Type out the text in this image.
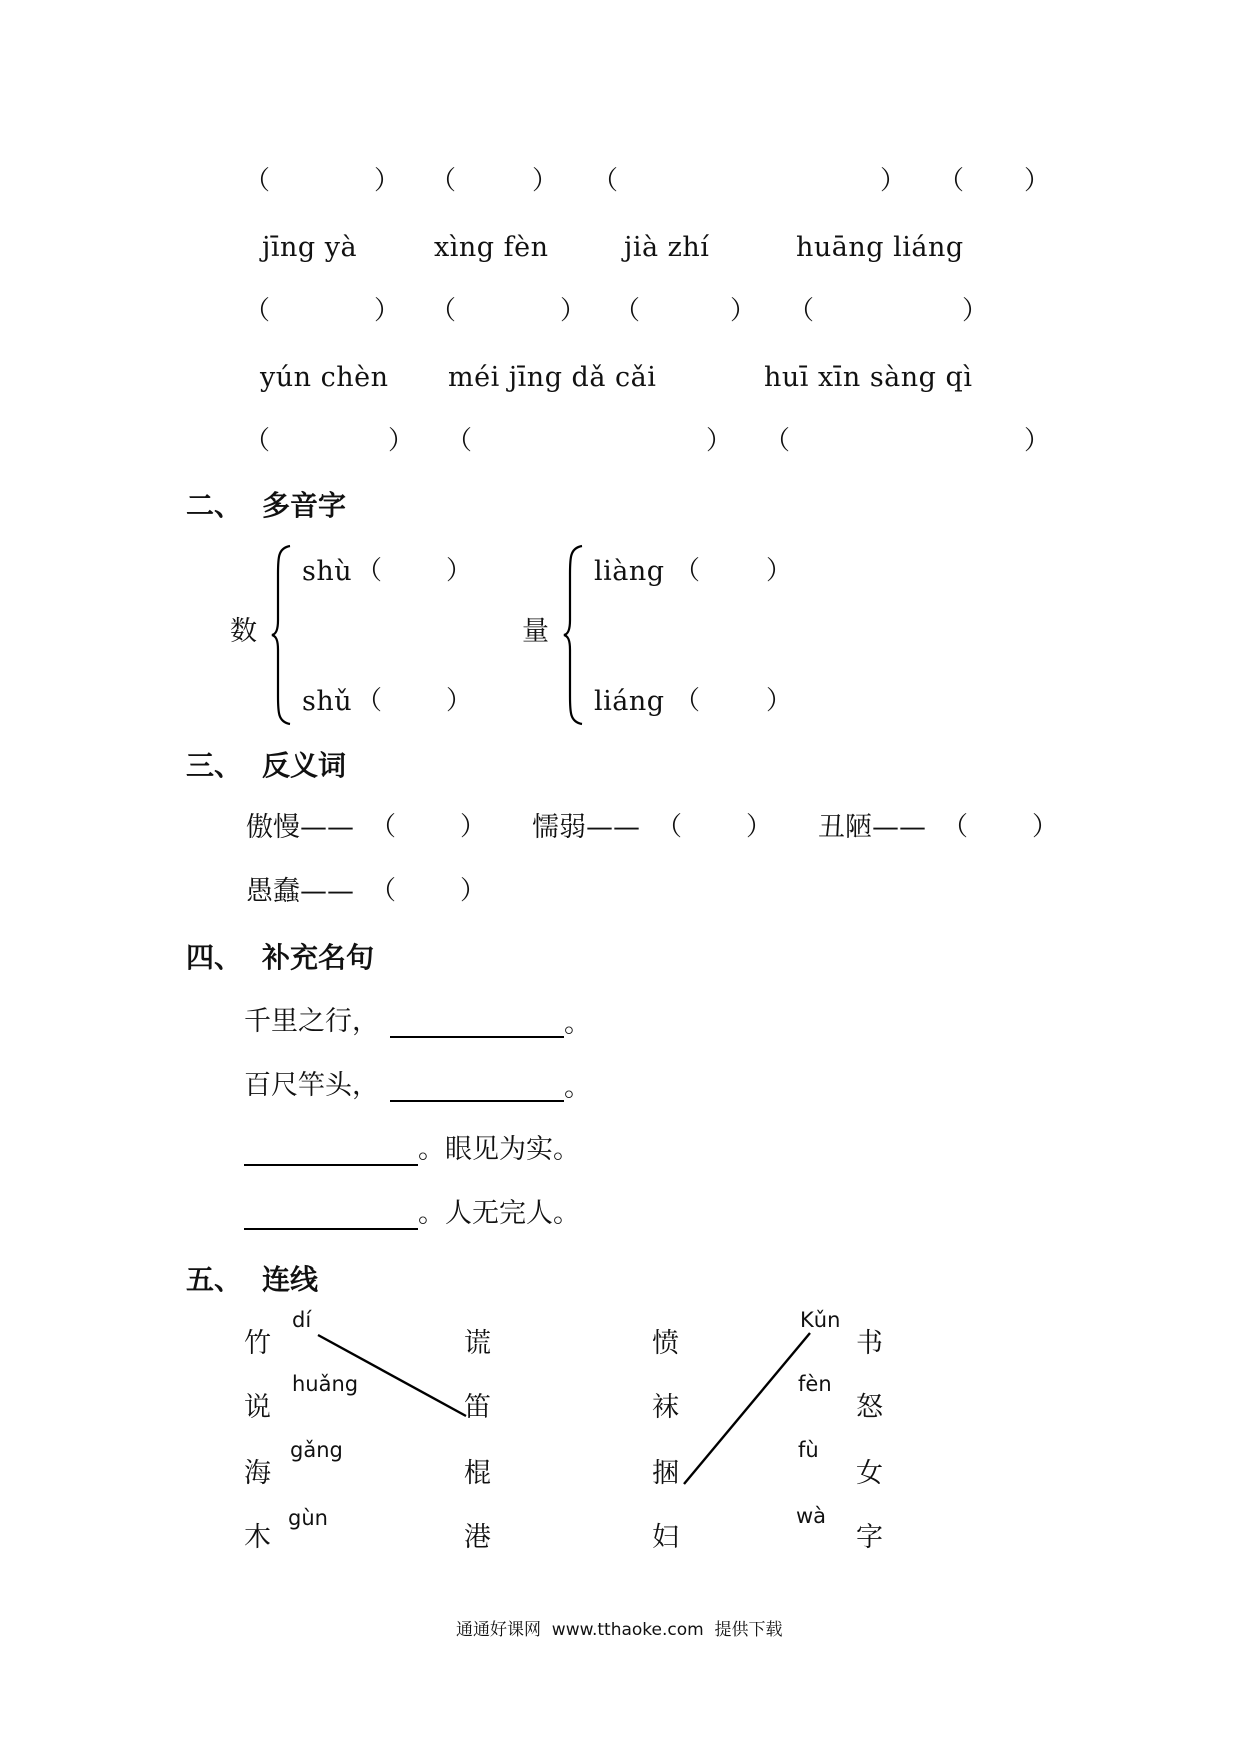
（	） （	） （	） （ ）
jīng yà	xìng fèn	jià zhí	huāng liáng
（	） （	） （	） （	）
yún chèn méi jīng dǎ cǎi	huī xīn sàng qì
（	） （	） （	）
二、 多音字
数
shù （ ）
shǔ （ ）
量
liàng （	）
liáng （	）
三、 反义词
傲慢—— （ ） 懦弱—— （ ） 丑陋—— （ ）
愚蠢—— （ ）
四、 补充名句
千里之行，	。
百尺竿头，	。
。眼见为实。
。人无完人。
五、 连线
竹
说
海
木
dí
huǎng
gǎng
gùn
谎
笛
棍
港
愤
袜
捆
妇
Kǔn
fèn
fù
wà
书
怒
女
字
通通好课网  www.tthaoke.com  提供下载
